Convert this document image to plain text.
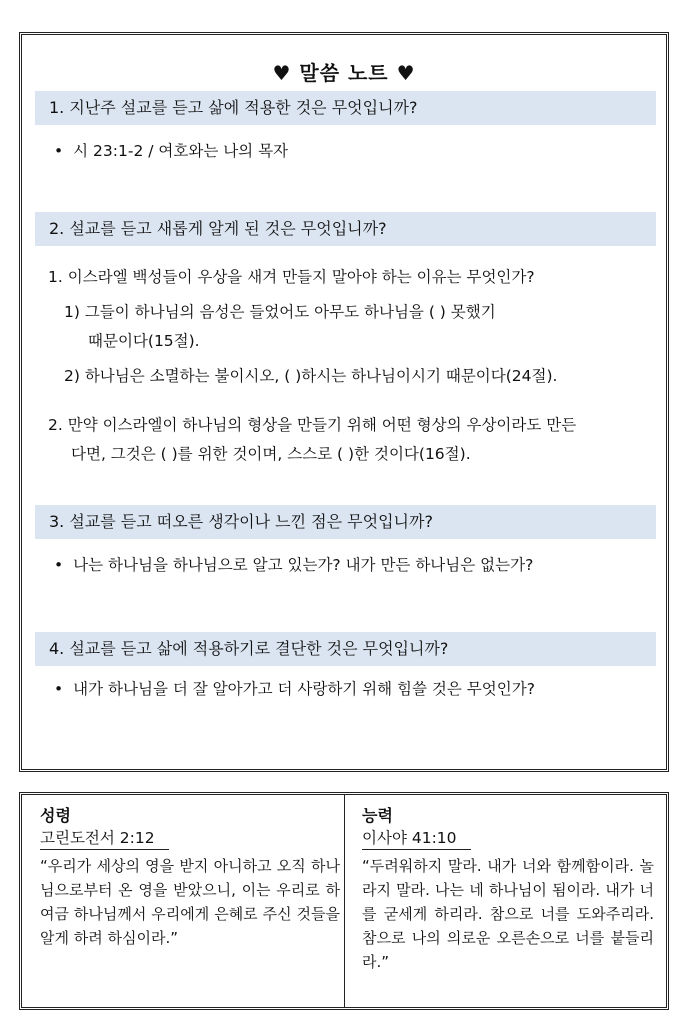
♥ 말씀 노트 ♥
1. 지난주 설교를 듣고 삶에 적용한 것은 무엇입니까?
• 시 23:1-2 / 여호와는 나의 목자
2. 설교를 듣고 새롭게 알게 된 것은 무엇입니까?
1. 이스라엘 백성들이 우상을 새겨 만들지 말아야 하는 이유는 무엇인가?
1) 그들이 하나님의 음성은 들었어도 아무도 하나님을 ( ) 못했기
때문이다(15절).
2) 하나님은 소멸하는 불이시오, ( )하시는 하나님이시기 때문이다(24절).
2. 만약 이스라엘이 하나님의 형상을 만들기 위해 어떤 형상의 우상이라도 만든
다면, 그것은 ( )를 위한 것이며, 스스로 ( )한 것이다(16절).
3. 설교를 듣고 떠오른 생각이나 느낀 점은 무엇입니까?
• 나는 하나님을 하나님으로 알고 있는가? 내가 만든 하나님은 없는가?
4. 설교를 듣고 삶에 적용하기로 결단한 것은 무엇입니까?
• 내가 하나님을 더 잘 알아가고 더 사랑하기 위해 힘쓸 것은 무엇인가?
성령
고린도전서 2:12
“우리가 세상의 영을 받지 아니하고 오직 하나님으로부터 온 영을 받았으니, 이는 우리로 하여금 하나님께서 우리에게 은혜로 주신 것들을 알게 하려 하심이라.”
능력
이사야 41:10
“두려워하지 말라. 내가 너와 함께함이라. 놀라지 말라. 나는 네 하나님이 됨이라. 내가 너를 굳세게 하리라. 참으로 너를 도와주리라. 참으로 나의 의로운 오른손으로 너를 붙들리라.”
